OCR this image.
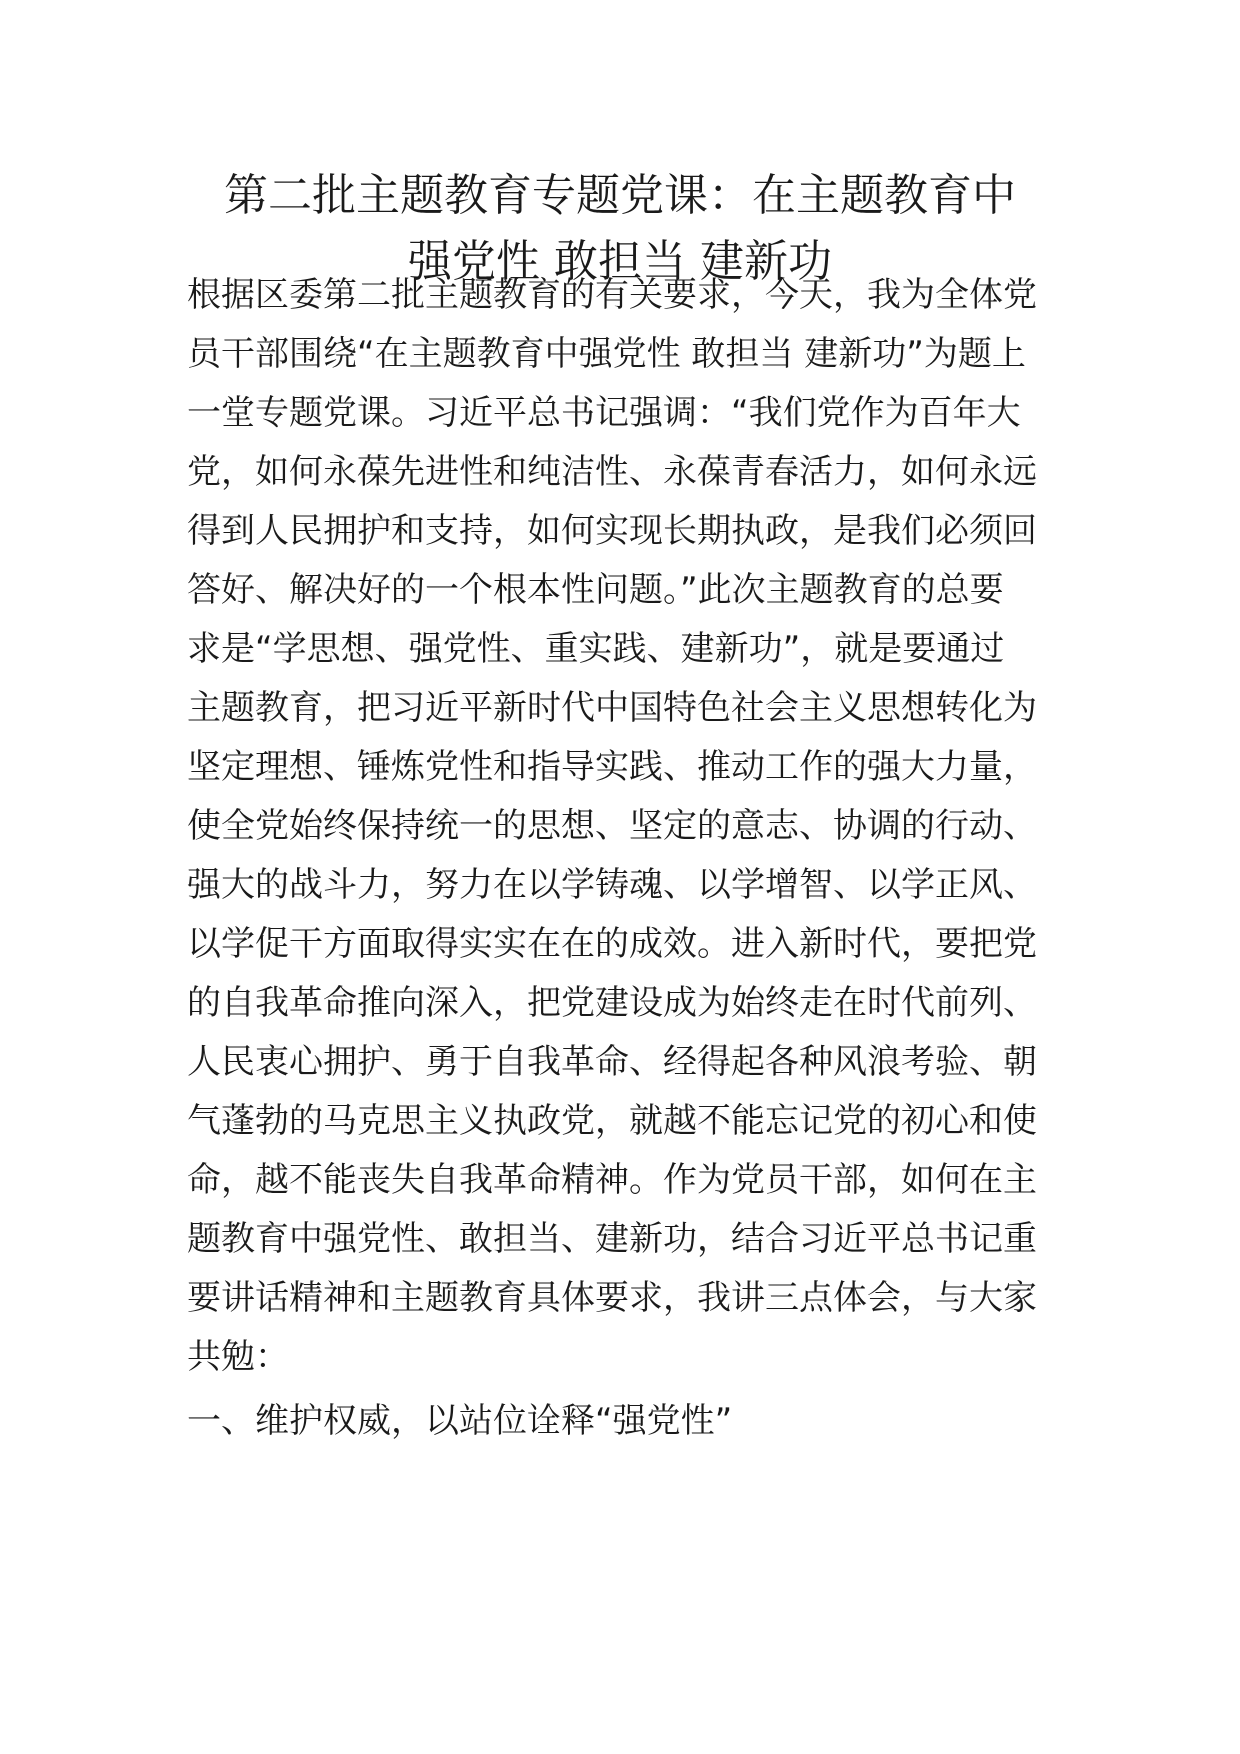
第二批主题教育专题党课：在主题教育中
强党性 敢担当 建新功
根据区委第二批主题教育的有关要求，今天，我为全体党
员干部围绕“在主题教育中强党性 敢担当 建新功”为题上
一堂专题党课。习近平总书记强调：“我们党作为百年大
党，如何永葆先进性和纯洁性、永葆青春活力，如何永远
得到人民拥护和支持，如何实现长期执政，是我们必须回
答好、解决好的一个根本性问题。”此次主题教育的总要
求是“学思想、强党性、重实践、建新功”，就是要通过
主题教育，把习近平新时代中国特色社会主义思想转化为
坚定理想、锤炼党性和指导实践、推动工作的强大力量，
使全党始终保持统一的思想、坚定的意志、协调的行动、
强大的战斗力，努力在以学铸魂、以学增智、以学正风、
以学促干方面取得实实在在的成效。进入新时代，要把党
的自我革命推向深入，把党建设成为始终走在时代前列、
人民衷心拥护、勇于自我革命、经得起各种风浪考验、朝
气蓬勃的马克思主义执政党，就越不能忘记党的初心和使
命，越不能丧失自我革命精神。作为党员干部，如何在主
题教育中强党性、敢担当、建新功，结合习近平总书记重
要讲话精神和主题教育具体要求，我讲三点体会，与大家
共勉：
一、维护权威，以站位诠释“强党性”
